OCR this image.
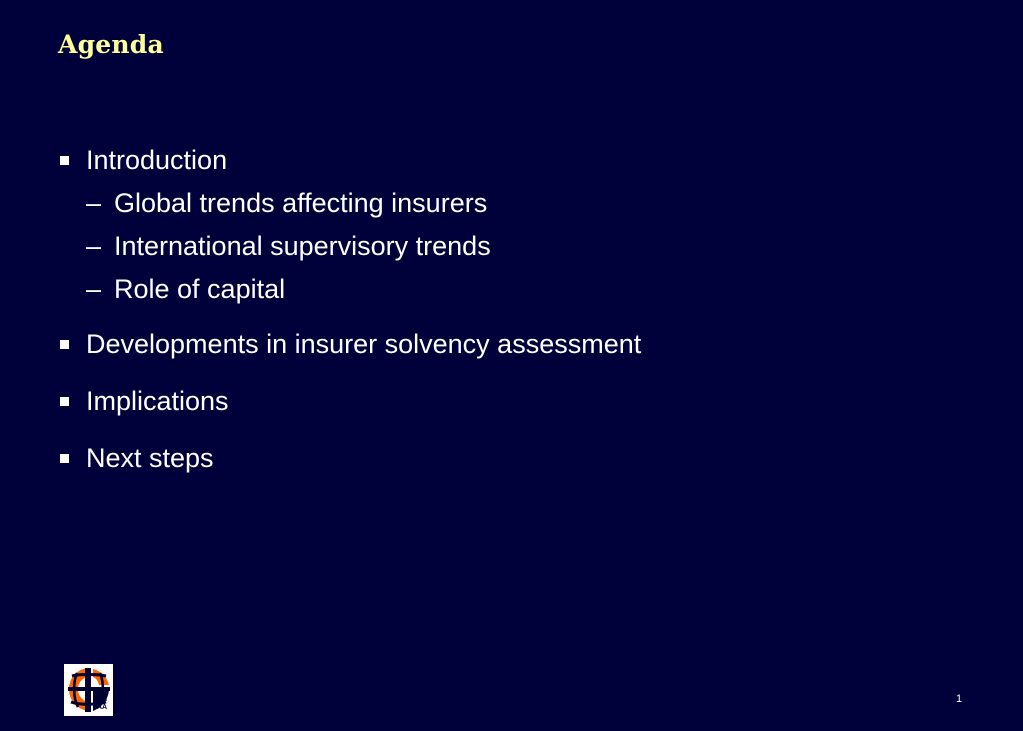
Agenda
Introduction
– Global trends affecting insurers
– International supervisory trends
– Role of capital
Developments in insurer solvency assessment
Implications
Next steps
AAI
IAA
1
